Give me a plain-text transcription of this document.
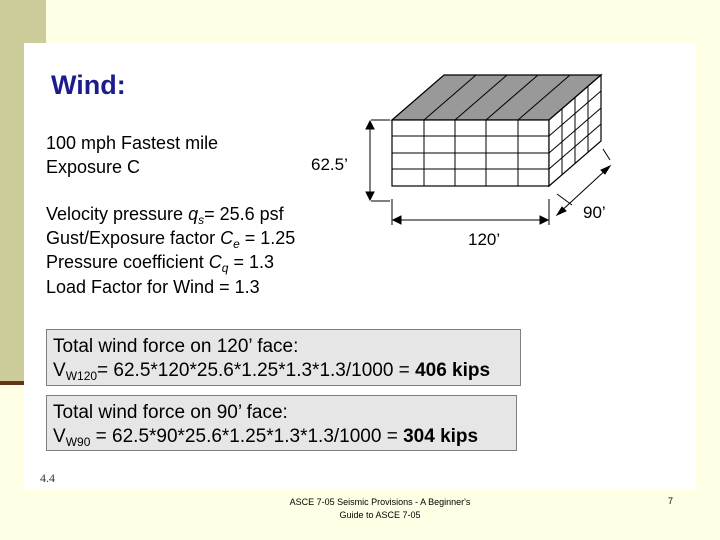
Wind:
100 mph Fastest mile
Exposure C
Velocity pressure $q_s= 25.6$ psf
Gust/Exposure factor $C_e = 1.25$
Pressure coefficient $C_q = 1.3$
Load Factor for Wind = 1.3
Total wind force on 120’ face:
$V_{W120}= 62.5*120*25.6*1.25*1.3*1.3/1000 = 406$ kips
Total wind force on 90’ face:
$V_{W90} = 62.5*90*25.6*1.25*1.3*1.3/1000 = 304$ kips
62.5’
120’
90’
4.4
ASCE 7-05 Seismic Provisions - A Beginner's
Guide to ASCE 7-05
7
